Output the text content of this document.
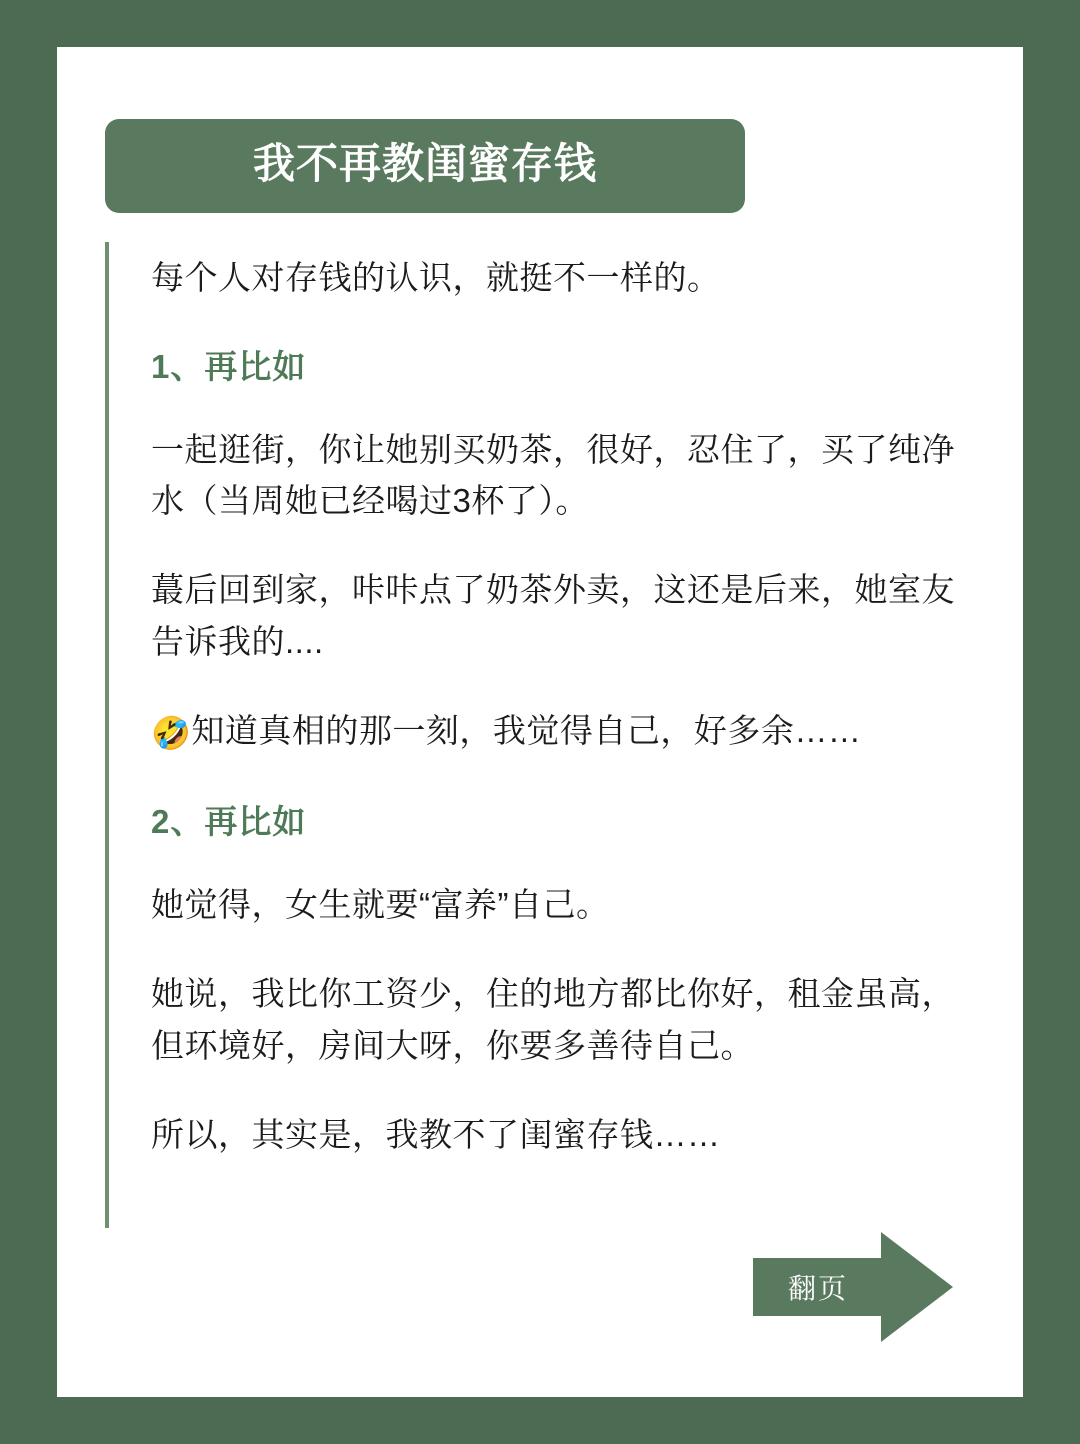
我不再教闺蜜存钱

每个人对存钱的认识，就挺不一样的。

1、再比如

一起逛街，你让她别买奶茶，很好，忍住了，买了纯净水（当周她已经喝过3杯了）。

蕞后回到家，咔咔点了奶茶外卖，这还是后来，她室友告诉我的....

🤣知道真相的那一刻，我觉得自己，好多余……

2、再比如

她觉得，女生就要“富养”自己。

她说，我比你工资少，住的地方都比你好，租金虽高，但环境好，房间大呀，你要多善待自己。

所以，其实是，我教不了闺蜜存钱……

翻页
